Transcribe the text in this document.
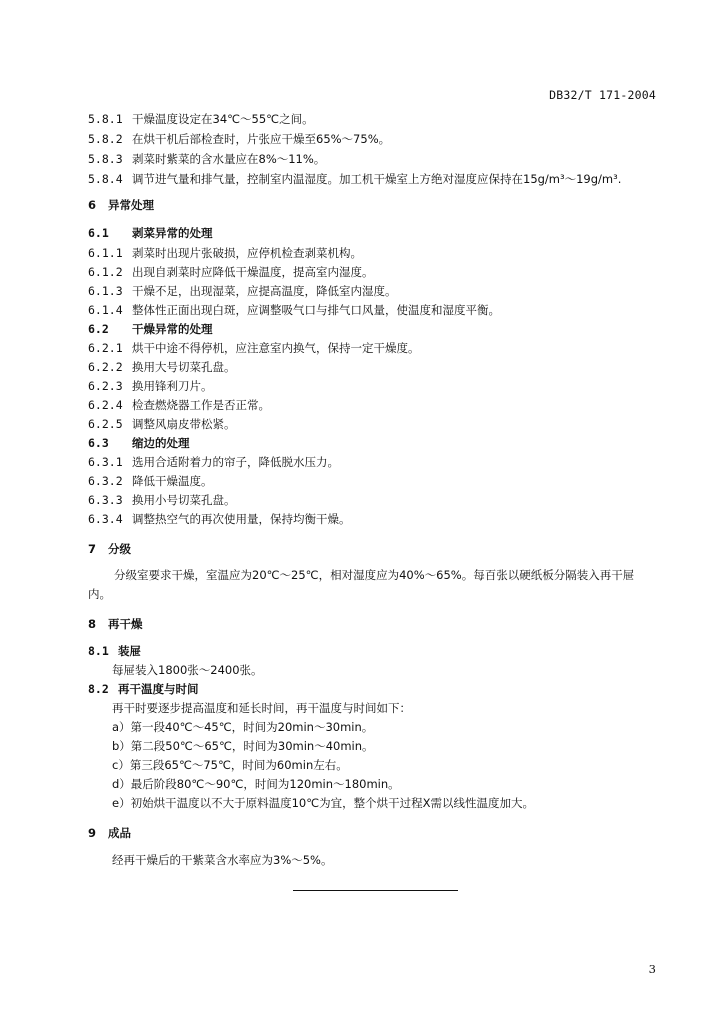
DB32/T 171-2004
5.8.1 干燥温度设定在34℃～55℃之间。
5.8.2 在烘干机后部检查时，片张应干燥至65%～75%。
5.8.3 剥菜时紫菜的含水量应在8%～11%。
5.8.4 调节进气量和排气量，控制室内温湿度。加工机干燥室上方绝对湿度应保持在15g/m³～19g/m³.
6 异常处理
6.1 剥菜异常的处理
6.1.1 剥菜时出现片张破损，应停机检查剥菜机构。
6.1.2 出现自剥菜时应降低干燥温度，提高室内湿度。
6.1.3 干燥不足，出现湿菜，应提高温度，降低室内湿度。
6.1.4 整体性正面出现白斑，应调整吸气口与排气口风量，使温度和湿度平衡。
6.2 干燥异常的处理
6.2.1 烘干中途不得停机，应注意室内换气，保持一定干燥度。
6.2.2 换用大号切菜孔盘。
6.2.3 换用锋利刀片。
6.2.4 检查燃烧器工作是否正常。
6.2.5 调整风扇皮带松紧。
6.3 缩边的处理
6.3.1 选用合适附着力的帘子，降低脱水压力。
6.3.2 降低干燥温度。
6.3.3 换用小号切菜孔盘。
6.3.4 调整热空气的再次使用量，保持均衡干燥。
7 分级
分级室要求干燥，室温应为20℃～25℃，相对湿度应为40%～65%。每百张以硬纸板分隔装入再干屉内。
8 再干燥
8.1 装屉
每屉装入1800张～2400张。
8.2 再干温度与时间
再干时要逐步提高温度和延长时间，再干温度与时间如下：
a）第一段40℃～45℃，时间为20min～30min。
b）第二段50℃～65℃，时间为30min～40min。
c）第三段65℃～75℃，时间为60min左右。
d）最后阶段80℃～90℃，时间为120min～180min。
e）初始烘干温度以不大于原料温度10℃为宜，整个烘干过程X需以线性温度加大。
9 成品
经再干燥后的干紫菜含水率应为3%～5%。
3
